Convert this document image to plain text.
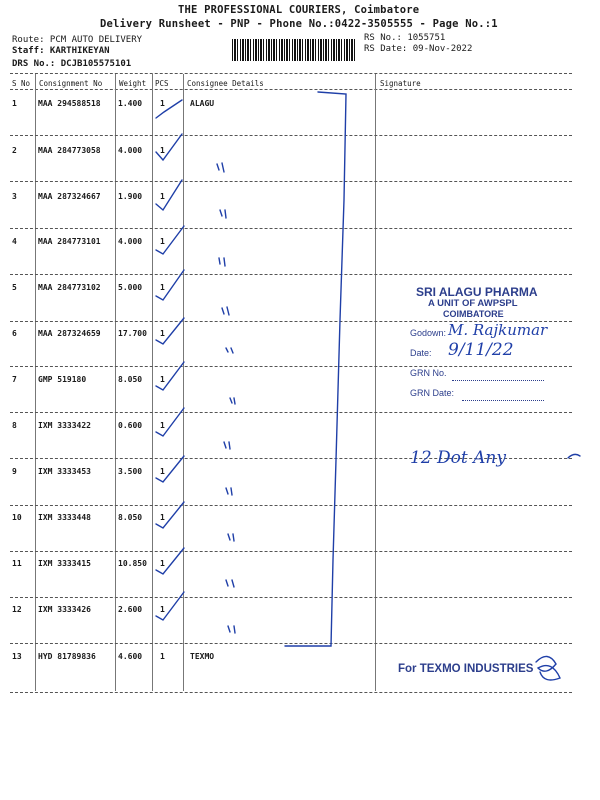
THE PROFESSIONAL COURIERS, Coimbatore
Delivery Runsheet - PNP - Phone No.:0422-3505555 - Page No.:1
Route: PCM AUTO DELIVERY
Staff: KARTHIKEYAN
DRS No.: DCJB105575101
RS No.: 1055751
RS Date: 09-Nov-2022
S No Consignment No Weight PCS Consignee Details	Signature
1	MAA 294588518 1.400 1	ALAGU
2	MAA 284773058 4.000 1
3	MAA 287324667 1.900 1
4	MAA 284773101 4.000 1
5	MAA 284773102 5.000 1
6	MAA 287324659 17.700 1
7	GMP 519180	8.050 1
8	IXM 3333422	0.600 1
9	IXM 3333453	3.500 1
10 IXM 3333448	8.050 1
11 IXM 3333415	10.850 1
12 IXM 3333426	2.600 1
13 HYD 81789836	4.600 1	TEXMO
SRI ALAGU PHARMA
A UNIT OF AWPSPL
COIMBATORE
Godown:
Date:
GRN No.
GRN Date:
M. Rajkumar
9/11/22
12 Dot Any
For TEXMO INDUSTRIES
